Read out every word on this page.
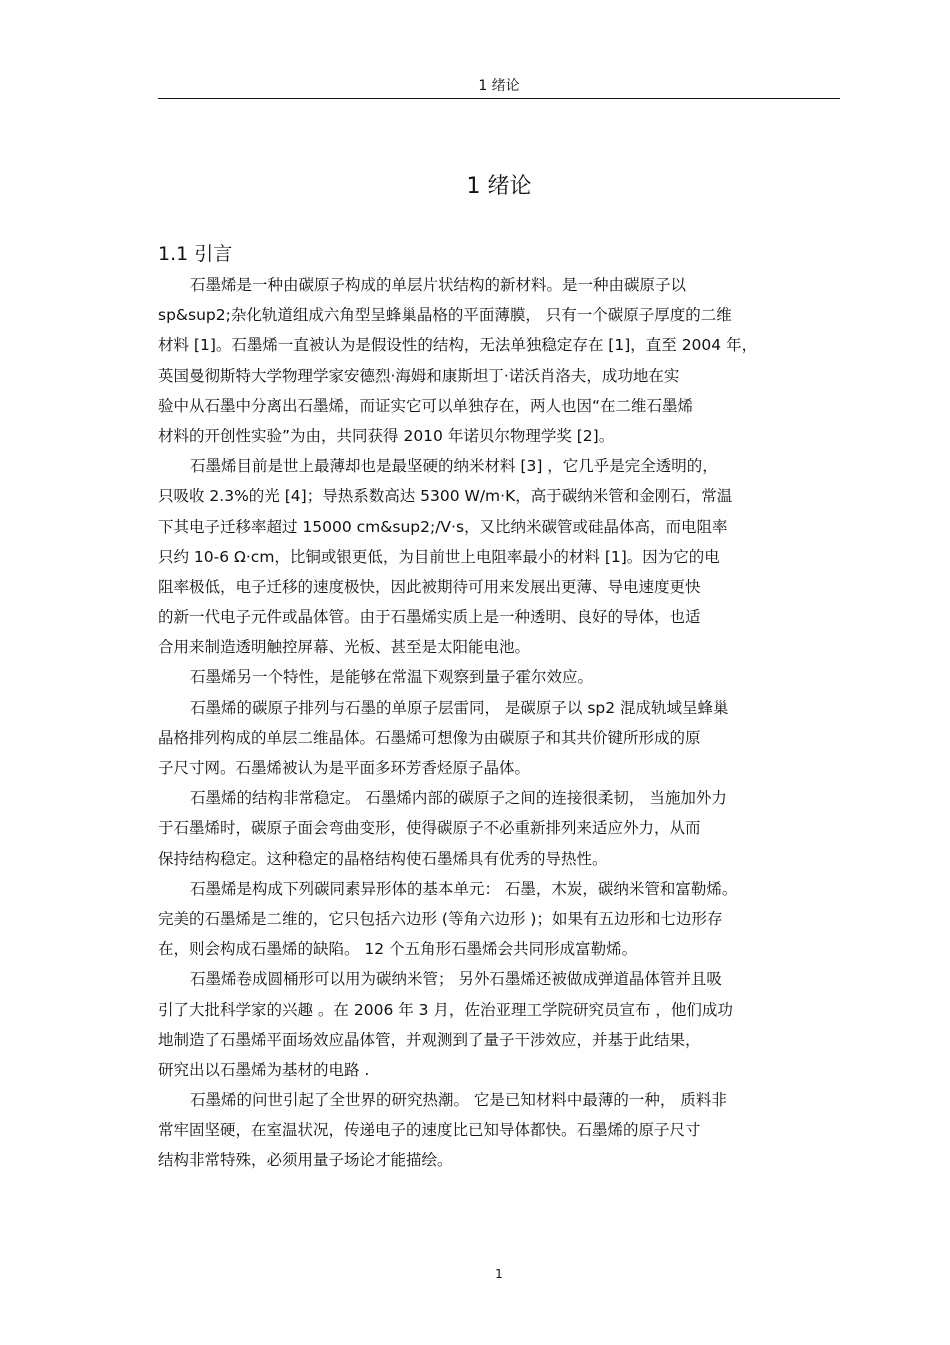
1 绪论
1 绪论
1.1 引言

石墨烯是一种由碳原子构成的单层片状结构的新材料。是一种由碳原子以
sp&sup2;杂化轨道组成六角型呈蜂巢晶格的平面薄膜， 只有一个碳原子厚度的二维
材料 [1]。石墨烯一直被认为是假设性的结构，无法单独稳定存在 [1]，直至 2004 年，
英国曼彻斯特大学物理学家安德烈·海姆和康斯坦丁·诺沃肖洛夫，成功地在实
验中从石墨中分离出石墨烯，而证实它可以单独存在，两人也因“在二维石墨烯
材料的开创性实验”为由，共同获得 2010 年诺贝尔物理学奖 [2]。

石墨烯目前是世上最薄却也是最坚硬的纳米材料 [3] ，它几乎是完全透明的，
只吸收 2.3%的光 [4]；导热系数高达 5300 W/m·K，高于碳纳米管和金刚石，常温
下其电子迁移率超过 15000 cm&sup2;/V·s，又比纳米碳管或硅晶体高，而电阻率
只约 10-6 Ω·cm，比铜或银更低，为目前世上电阻率最小的材料 [1]。因为它的电
阻率极低，电子迁移的速度极快，因此被期待可用来发展出更薄、导电速度更快
的新一代电子元件或晶体管。由于石墨烯实质上是一种透明、良好的导体，也适
合用来制造透明触控屏幕、光板、甚至是太阳能电池。

石墨烯另一个特性，是能够在常温下观察到量子霍尔效应。

石墨烯的碳原子排列与石墨的单原子层雷同， 是碳原子以 sp2 混成轨域呈蜂巢
晶格排列构成的单层二维晶体。石墨烯可想像为由碳原子和其共价键所形成的原
子尺寸网。石墨烯被认为是平面多环芳香烃原子晶体。

石墨烯的结构非常稳定。 石墨烯内部的碳原子之间的连接很柔韧， 当施加外力
于石墨烯时，碳原子面会弯曲变形，使得碳原子不必重新排列来适应外力，从而
保持结构稳定。这种稳定的晶格结构使石墨烯具有优秀的导热性。

石墨烯是构成下列碳同素异形体的基本单元： 石墨，木炭，碳纳米管和富勒烯。
完美的石墨烯是二维的，它只包括六边形 (等角六边形 )；如果有五边形和七边形存
在，则会构成石墨烯的缺陷。 12 个五角形石墨烯会共同形成富勒烯。

石墨烯卷成圆桶形可以用为碳纳米管； 另外石墨烯还被做成弹道晶体管并且吸
引了大批科学家的兴趣 。在 2006 年 3 月，佐治亚理工学院研究员宣布 ，他们成功
地制造了石墨烯平面场效应晶体管，并观测到了量子干涉效应，并基于此结果，
研究出以石墨烯为基材的电路 .

石墨烯的问世引起了全世界的研究热潮。 它是已知材料中最薄的一种， 质料非
常牢固坚硬，在室温状况，传递电子的速度比已知导体都快。石墨烯的原子尺寸
结构非常特殊，必须用量子场论才能描绘。

1
